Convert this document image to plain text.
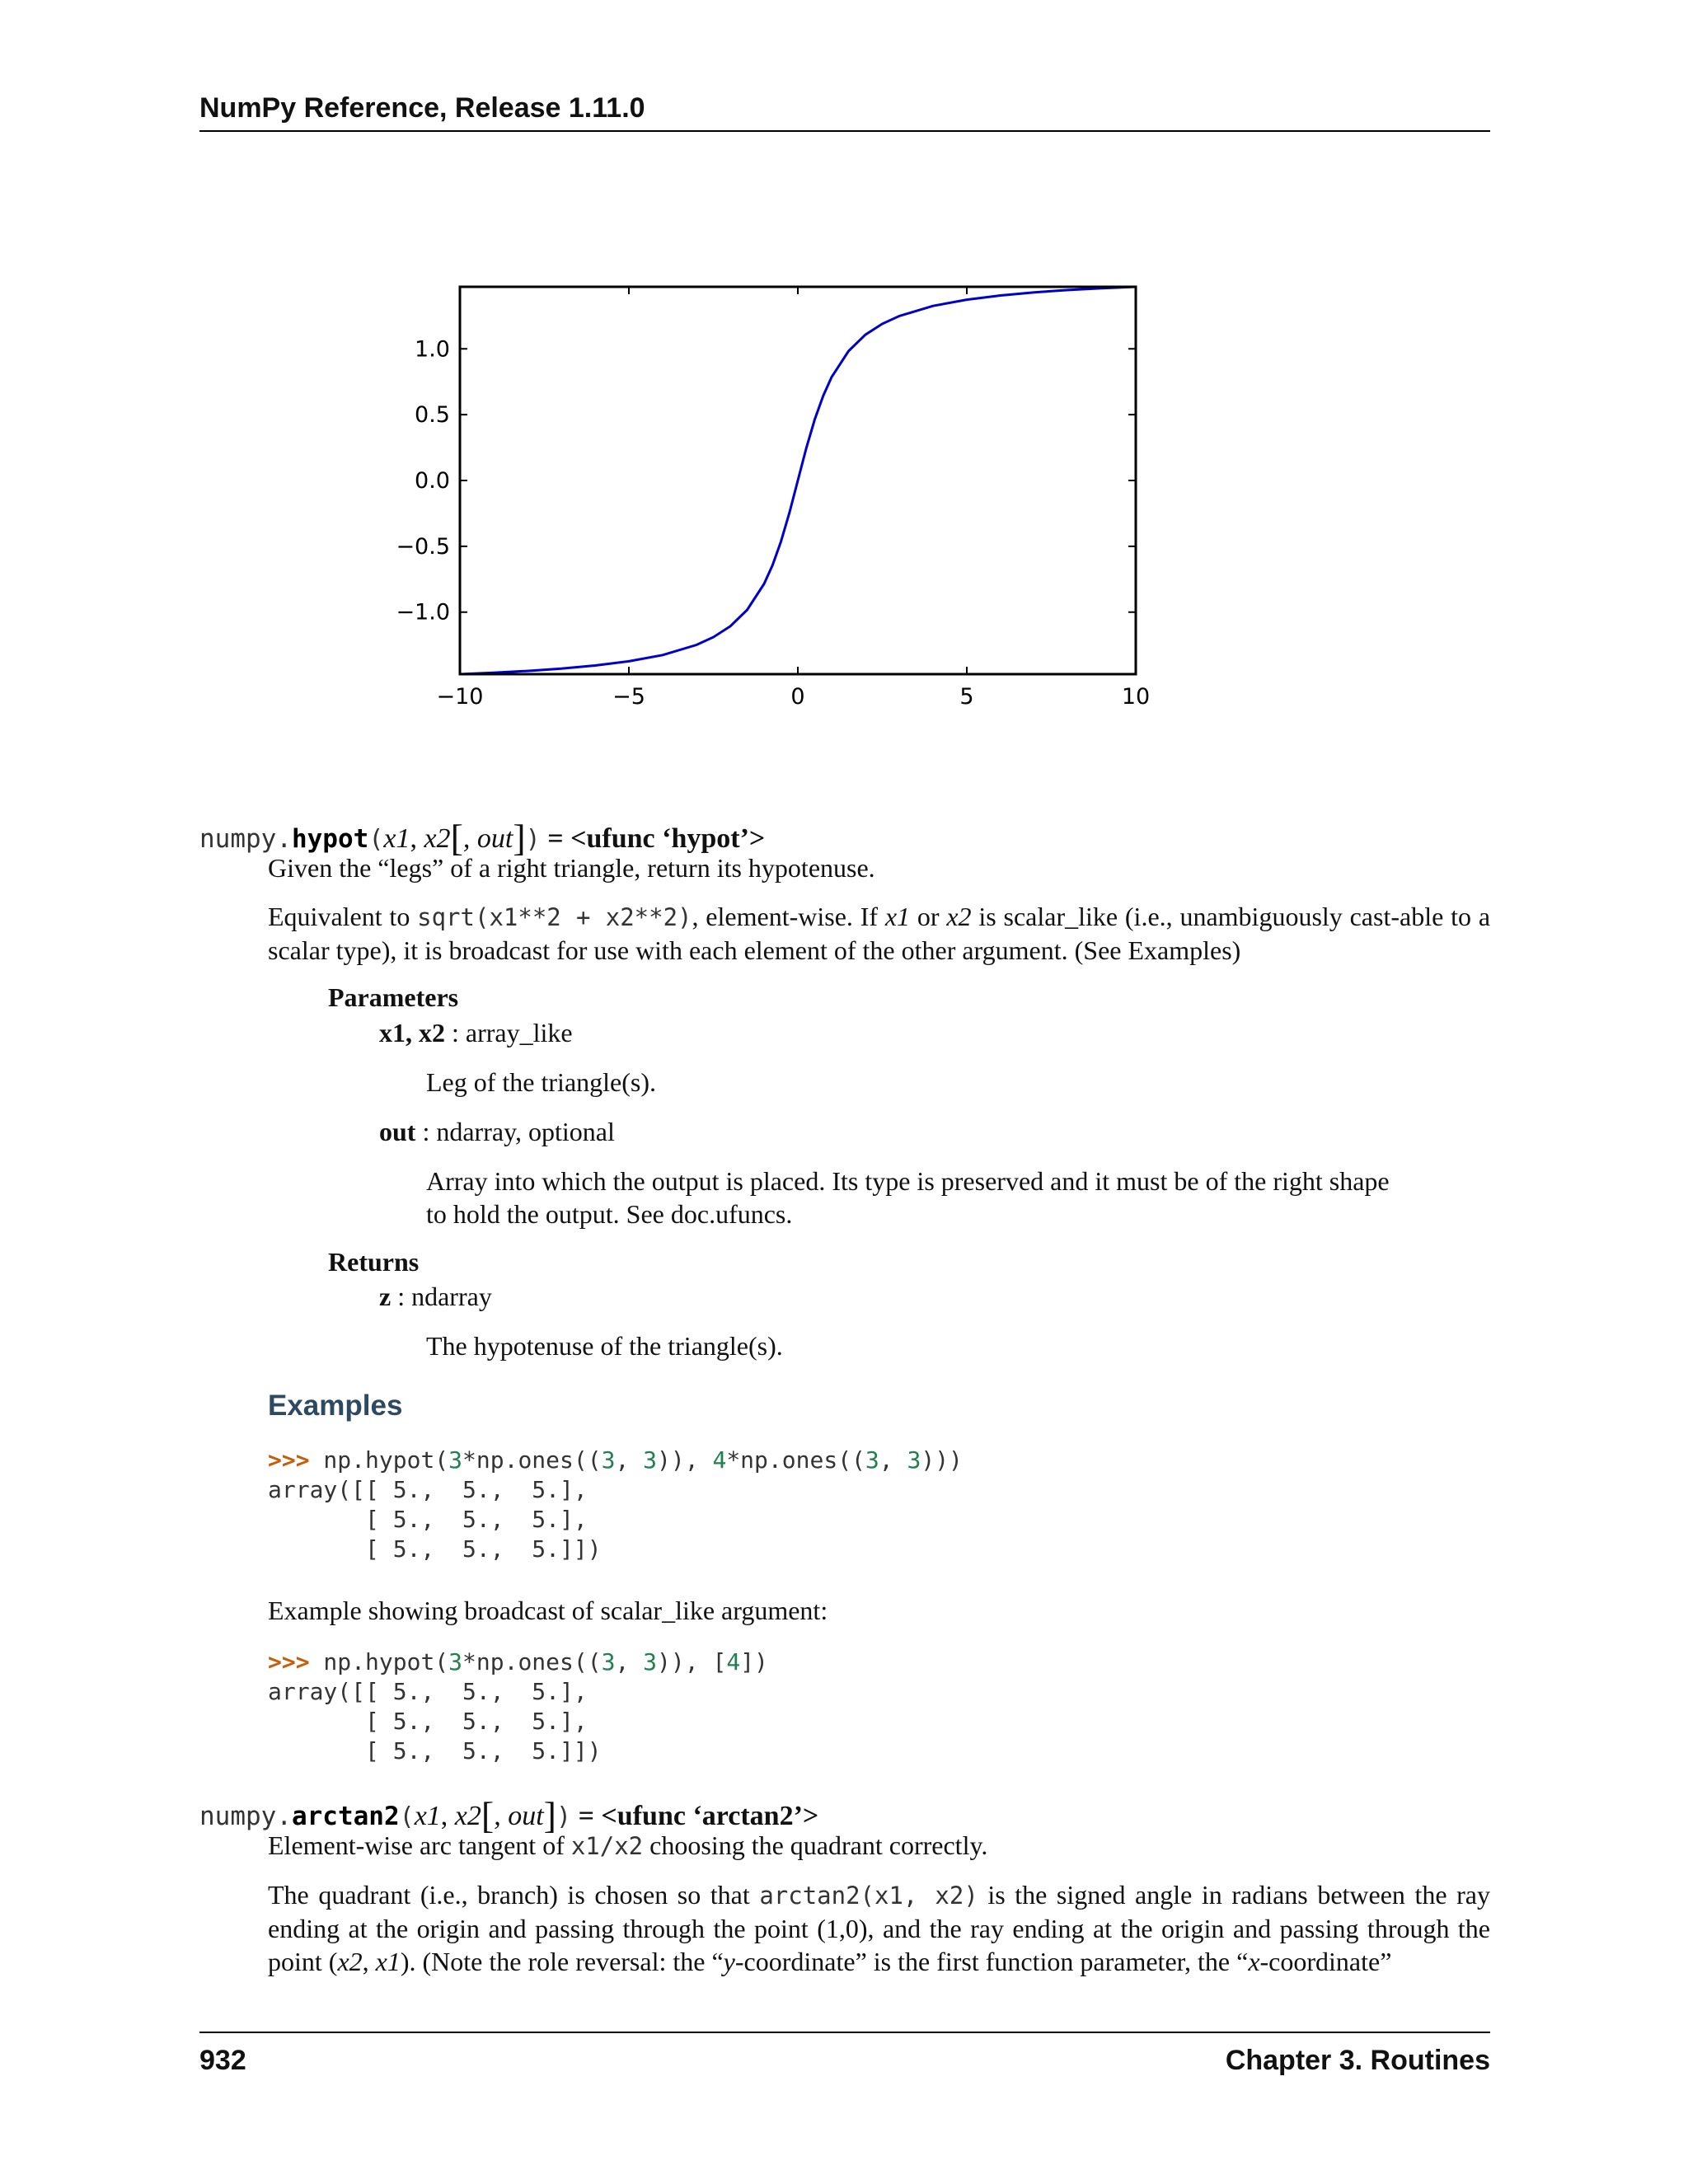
NumPy Reference, Release 1.11.0
−10	−5	0	5	10
−1.0
−0.5
0.0
0.5
1.0
numpy.hypot(x1, x2[, out]) = <ufunc ‘hypot’>
Given the “legs” of a right triangle, return its hypotenuse.
Equivalent to sqrt(x1**2 + x2**2), element-wise. If x1 or x2 is scalar_like (i.e., unambiguously cast-able to a scalar type), it is broadcast for use with each element of the other argument. (See Examples)
Parameters
x1, x2 : array_like
Leg of the triangle(s).
out : ndarray, optional
Array into which the output is placed. Its type is preserved and it must be of the right shape to hold the output. See doc.ufuncs.
Returns
z : ndarray
The hypotenuse of the triangle(s).
Examples
>>> np.hypot(3*np.ones((3, 3)), 4*np.ones((3, 3)))
array([[ 5.,  5.,  5.],
[ 5.,  5.,  5.],
[ 5.,  5.,  5.]])
Example showing broadcast of scalar_like argument:
>>> np.hypot(3*np.ones((3, 3)), [4])
array([[ 5.,  5.,  5.],
[ 5.,  5.,  5.],
[ 5.,  5.,  5.]])
numpy.arctan2(x1, x2[, out]) = <ufunc ‘arctan2’>
Element-wise arc tangent of x1/x2 choosing the quadrant correctly.
The quadrant (i.e., branch) is chosen so that arctan2(x1, x2) is the signed angle in radians between the ray ending at the origin and passing through the point (1,0), and the ray ending at the origin and passing through the point (x2, x1). (Note the role reversal: the “y-coordinate” is the first function parameter, the “x-coordinate”
932	Chapter 3. Routines
